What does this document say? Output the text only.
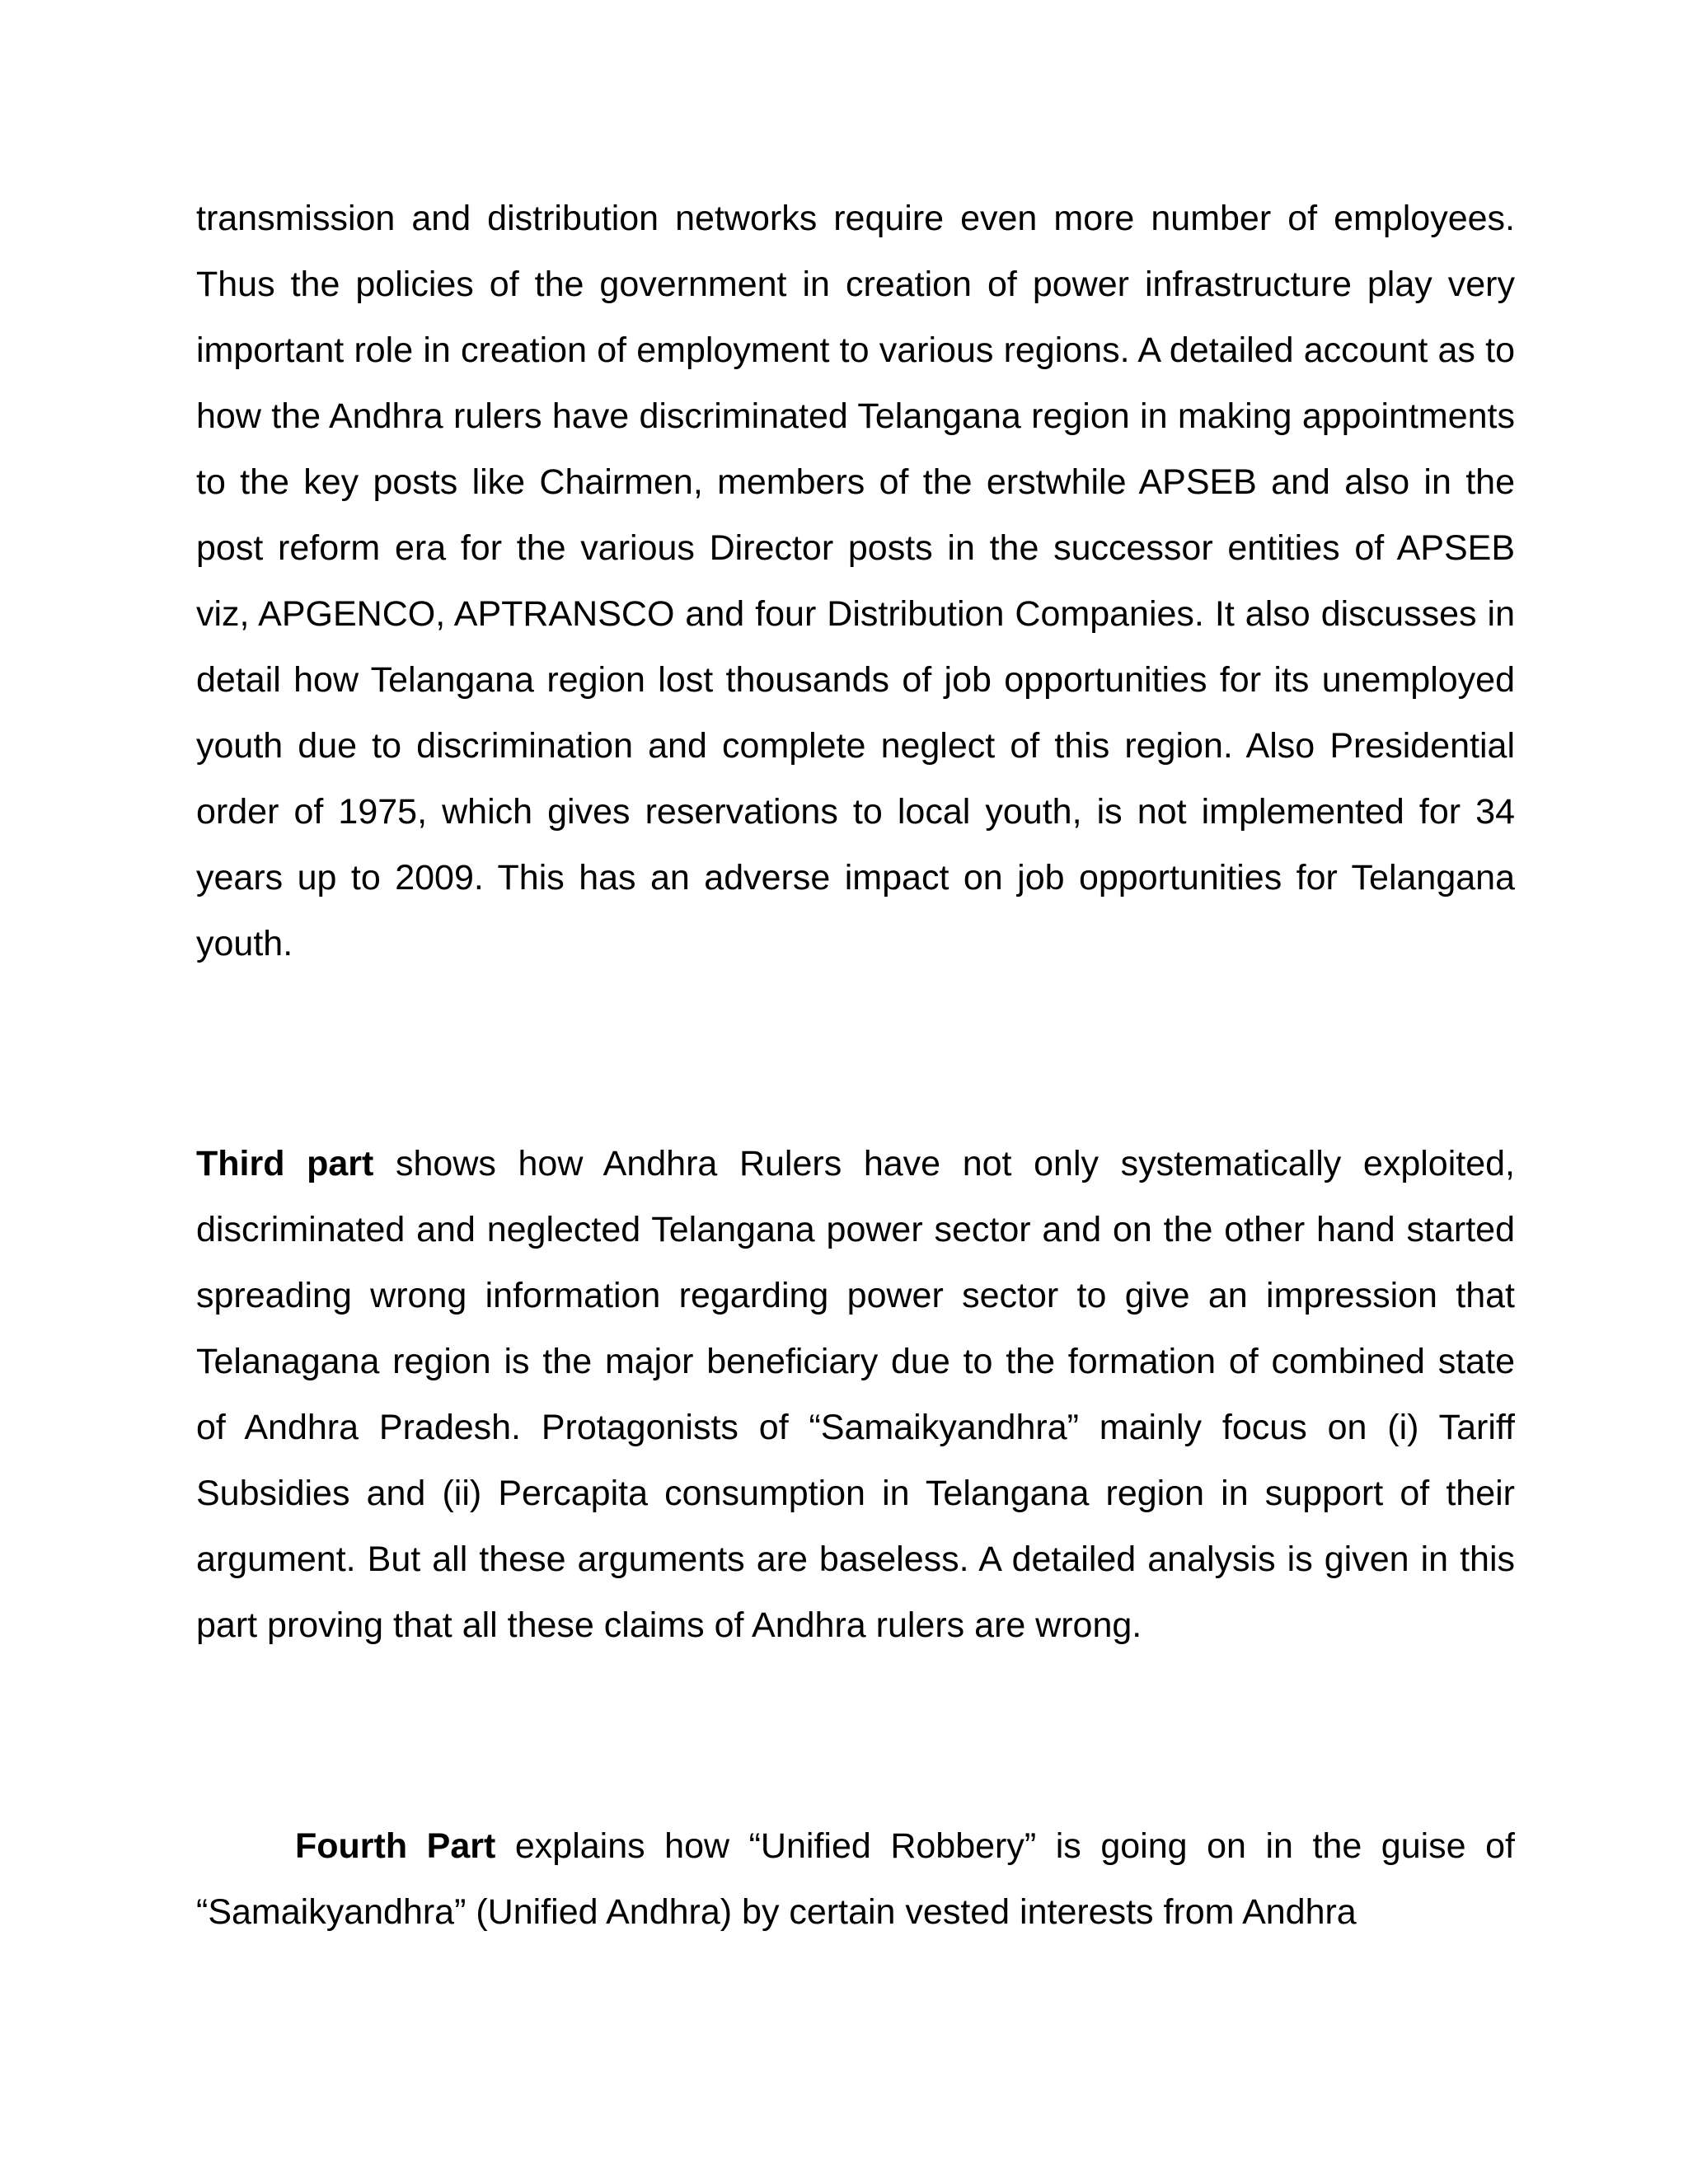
transmission and distribution networks require even more number of employees. Thus the policies of the government in creation of power infrastructure play very important role in creation of employment to various regions. A detailed account as to how the Andhra rulers have discriminated Telangana region in making appointments to the key posts like Chairmen, members of the erstwhile APSEB and also in the post reform era for the various Director posts in the successor entities of APSEB viz, APGENCO, APTRANSCO and four Distribution Companies. It also discusses in detail how Telangana region lost thousands of job opportunities for its unemployed youth due to discrimination and complete neglect of this region. Also Presidential order of 1975, which gives reservations to local youth, is not implemented for 34 years up to 2009. This has an adverse impact on job opportunities for Telangana youth.

Third part shows how Andhra Rulers have not only systematically exploited, discriminated and neglected Telangana power sector and on the other hand started spreading wrong information regarding power sector to give an impression that Telanagana region is the major beneficiary due to the formation of combined state of Andhra Pradesh. Protagonists of “Samaikyandhra” mainly focus on (i) Tariff Subsidies and (ii) Percapita consumption in Telangana region in support of their argument. But all these arguments are baseless. A detailed analysis is given in this part proving that all these claims of Andhra rulers are wrong.

Fourth Part explains how “Unified Robbery” is going on in the guise of “Samaikyandhra” (Unified Andhra) by certain vested interests from Andhra
